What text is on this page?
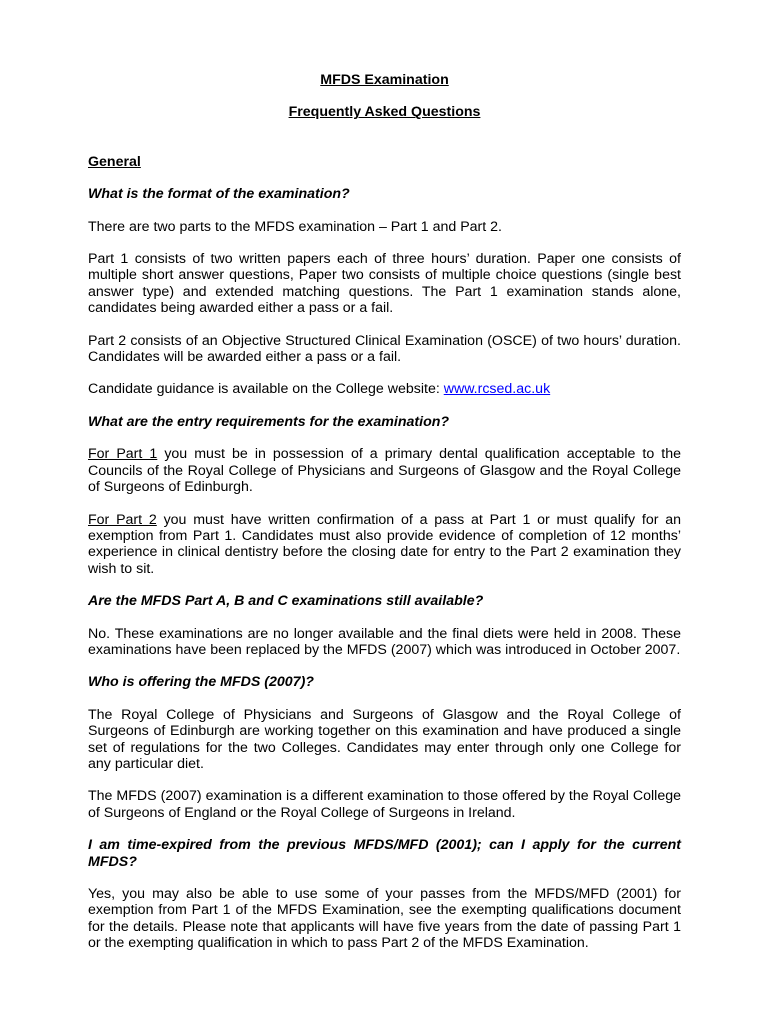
MFDS Examination

Frequently Asked Questions

General

What is the format of the examination?

There are two parts to the MFDS examination – Part 1 and Part 2.

Part 1 consists of two written papers each of three hours’ duration. Paper one consists of multiple short answer questions, Paper two consists of multiple choice questions (single best answer type) and extended matching questions. The Part 1 examination stands alone, candidates being awarded either a pass or a fail.

Part 2 consists of an Objective Structured Clinical Examination (OSCE) of two hours’ duration. Candidates will be awarded either a pass or a fail.

Candidate guidance is available on the College website: www.rcsed.ac.uk

What are the entry requirements for the examination?

For Part 1 you must be in possession of a primary dental qualification acceptable to the Councils of the Royal College of Physicians and Surgeons of Glasgow and the Royal College of Surgeons of Edinburgh.

For Part 2 you must have written confirmation of a pass at Part 1 or must qualify for an exemption from Part 1. Candidates must also provide evidence of completion of 12 months’ experience in clinical dentistry before the closing date for entry to the Part 2 examination they wish to sit.

Are the MFDS Part A, B and C examinations still available?

No. These examinations are no longer available and the final diets were held in 2008. These examinations have been replaced by the MFDS (2007) which was introduced in October 2007.

Who is offering the MFDS (2007)?

The Royal College of Physicians and Surgeons of Glasgow and the Royal College of Surgeons of Edinburgh are working together on this examination and have produced a single set of regulations for the two Colleges. Candidates may enter through only one College for any particular diet.

The MFDS (2007) examination is a different examination to those offered by the Royal College of Surgeons of England or the Royal College of Surgeons in Ireland.

I am time-expired from the previous MFDS/MFD (2001); can I apply for the current MFDS?

Yes, you may also be able to use some of your passes from the MFDS/MFD (2001) for exemption from Part 1 of the MFDS Examination, see the exempting qualifications document for the details. Please note that applicants will have five years from the date of passing Part 1 or the exempting qualification in which to pass Part 2 of the MFDS Examination.
